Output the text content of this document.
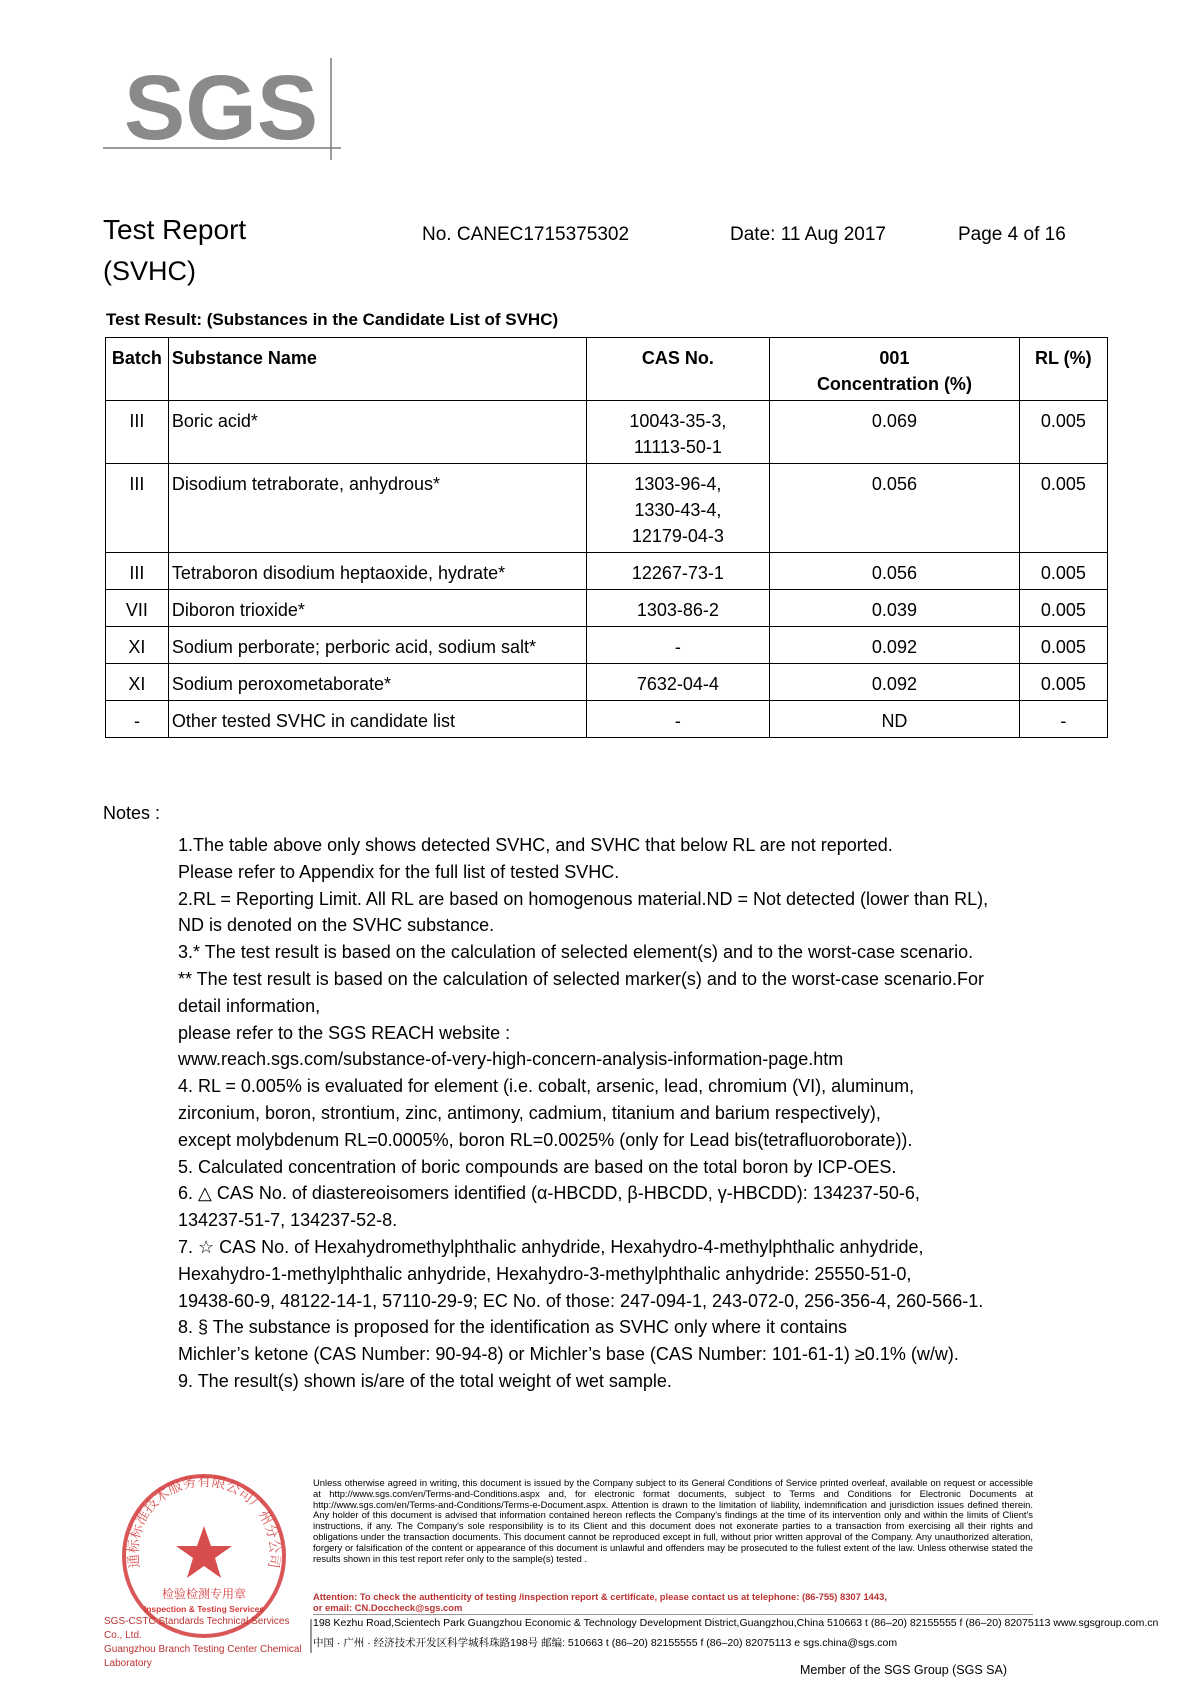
SGS
Test Report
(SVHC)
No. CANEC1715375302	Date: 11 Aug 2017	Page 4 of 16
Test Result: (Substances in the Candidate List of SVHC)
Batch	Substance Name	CAS No.	001
Concentration (%)	RL (%)
III	Boric acid*	10043-35-3,
11113-50-1	0.069	0.005
III	Disodium tetraborate, anhydrous*	1303-96-4,
1330-43-4,
12179-04-3	0.056	0.005
III	Tetraboron disodium heptaoxide, hydrate*	12267-73-1	0.056	0.005
VII	Diboron trioxide*	1303-86-2	0.039	0.005
XI	Sodium perborate; perboric acid, sodium salt*	-	0.092	0.005
XI	Sodium peroxometaborate*	7632-04-4	0.092	0.005
-	Other tested SVHC in candidate list	-	ND	-
Notes :
1.The table above only shows detected SVHC, and SVHC that below RL are not reported.
Please refer to Appendix for the full list of tested SVHC.
2.RL = Reporting Limit. All RL are based on homogenous material.ND = Not detected (lower than RL),
ND is denoted on the SVHC substance.
3.* The test result is based on the calculation of selected element(s) and to the worst-case scenario.
** The test result is based on the calculation of selected marker(s) and to the worst-case scenario.For
detail information,
please refer to the SGS REACH website :
www.reach.sgs.com/substance-of-very-high-concern-analysis-information-page.htm
4. RL = 0.005% is evaluated for element (i.e. cobalt, arsenic, lead, chromium (VI), aluminum,
zirconium, boron, strontium, zinc, antimony, cadmium, titanium and barium respectively),
except molybdenum RL=0.0005%, boron RL=0.0025% (only for Lead bis(tetrafluoroborate)).
5. Calculated concentration of boric compounds are based on the total boron by ICP-OES.
6. △ CAS No. of diastereoisomers identified (α-HBCDD, β-HBCDD, γ-HBCDD): 134237-50-6,
134237-51-7, 134237-52-8.
7. ☆ CAS No. of Hexahydromethylphthalic anhydride, Hexahydro-4-methylphthalic anhydride,
Hexahydro-1-methylphthalic anhydride, Hexahydro-3-methylphthalic anhydride: 25550-51-0,
19438-60-9, 48122-14-1, 57110-29-9; EC No. of those: 247-094-1, 243-072-0, 256-356-4, 260-566-1.
8. § The substance is proposed for the identification as SVHC only where it contains
Michler’s ketone (CAS Number: 90-94-8) or Michler’s base (CAS Number: 101-61-1) ≥0.1% (w/w).
9. The result(s) shown is/are of the total weight of wet sample.
通标标准技术服务有限公司广州分公司
检验检测专用章
Inspection & Testing Services
SGS-CSTC Standards Technical Services Co., Ltd.
Guangzhou Branch Testing Center Chemical Laboratory
Unless otherwise agreed in writing, this document is issued by the Company subject to its General Conditions of Service printed overleaf, available on request or accessible at http://www.sgs.com/en/Terms-and-Conditions.aspx and, for electronic format documents, subject to Terms and Conditions for Electronic Documents at http://www.sgs.com/en/Terms-and-Conditions/Terms-e-Document.aspx. Attention is drawn to the limitation of liability, indemnification and jurisdiction issues defined therein. Any holder of this document is advised that information contained hereon reflects the Company's findings at the time of its intervention only and within the limits of Client's instructions, if any. The Company's sole responsibility is to its Client and this document does not exonerate parties to a transaction from exercising all their rights and obligations under the transaction documents. This document cannot be reproduced except in full, without prior written approval of the Company. Any unauthorized alteration, forgery or falsification of the content or appearance of this document is unlawful and offenders may be prosecuted to the fullest extent of the law. Unless otherwise stated the results shown in this test report refer only to the sample(s) tested .
Attention: To check the authenticity of testing /inspection report & certificate, please contact us at telephone: (86-755) 8307 1443,
or email: CN.Doccheck@sgs.com
198 Kezhu Road,Scientech Park Guangzhou Economic & Technology Development District,Guangzhou,China 510663 t (86–20) 82155555 f (86–20) 82075113 www.sgsgroup.com.cn
中国 · 广州 · 经济技术开发区科学城科珠路198号 邮编: 510663 t (86–20) 82155555 f (86–20) 82075113 e sgs.china@sgs.com
Member of the SGS Group (SGS SA)
